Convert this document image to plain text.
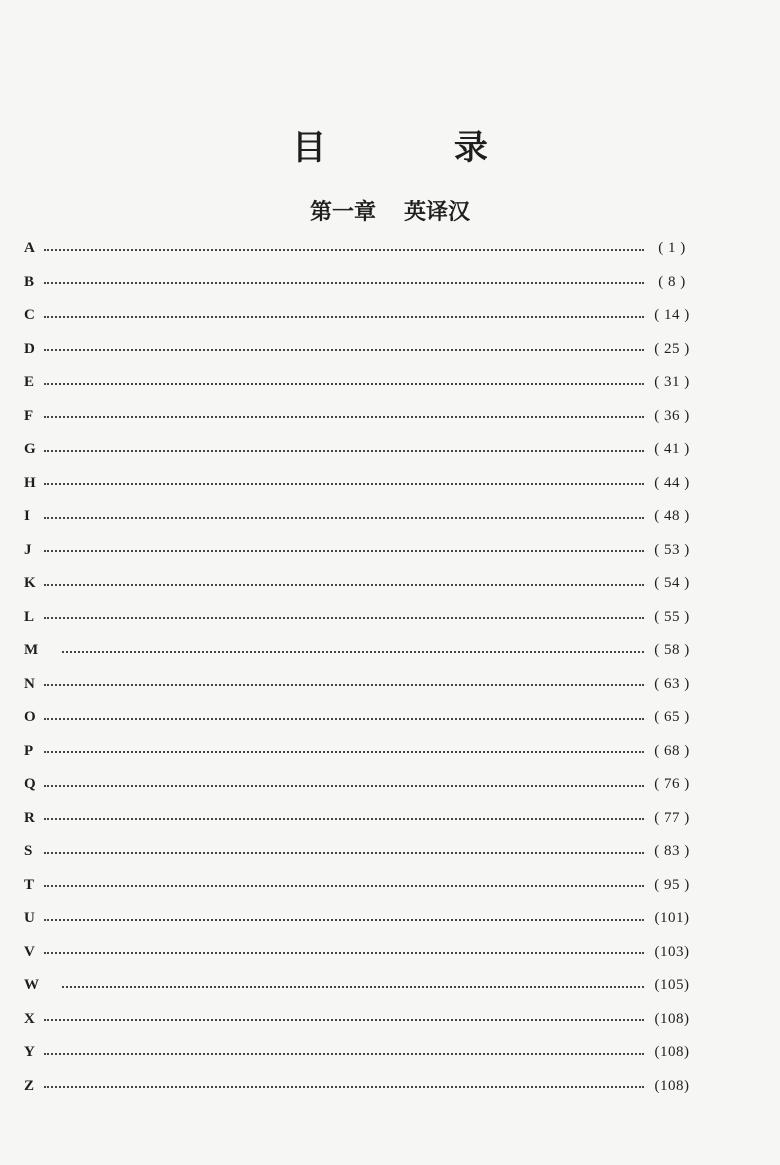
目 录
第一章 英译汉
A	( 1 )
B	( 8 )
C	( 14 )
D	( 25 )
E	( 31 )
F	( 36 )
G	( 41 )
H	( 44 )
I	( 48 )
J	( 53 )
K	( 54 )
L	( 55 )
M	( 58 )
N	( 63 )
O	( 65 )
P	( 68 )
Q	( 76 )
R	( 77 )
S	( 83 )
T	( 95 )
U	(101)
V	(103)
W	(105)
X	(108)
Y	(108)
Z	(108)
